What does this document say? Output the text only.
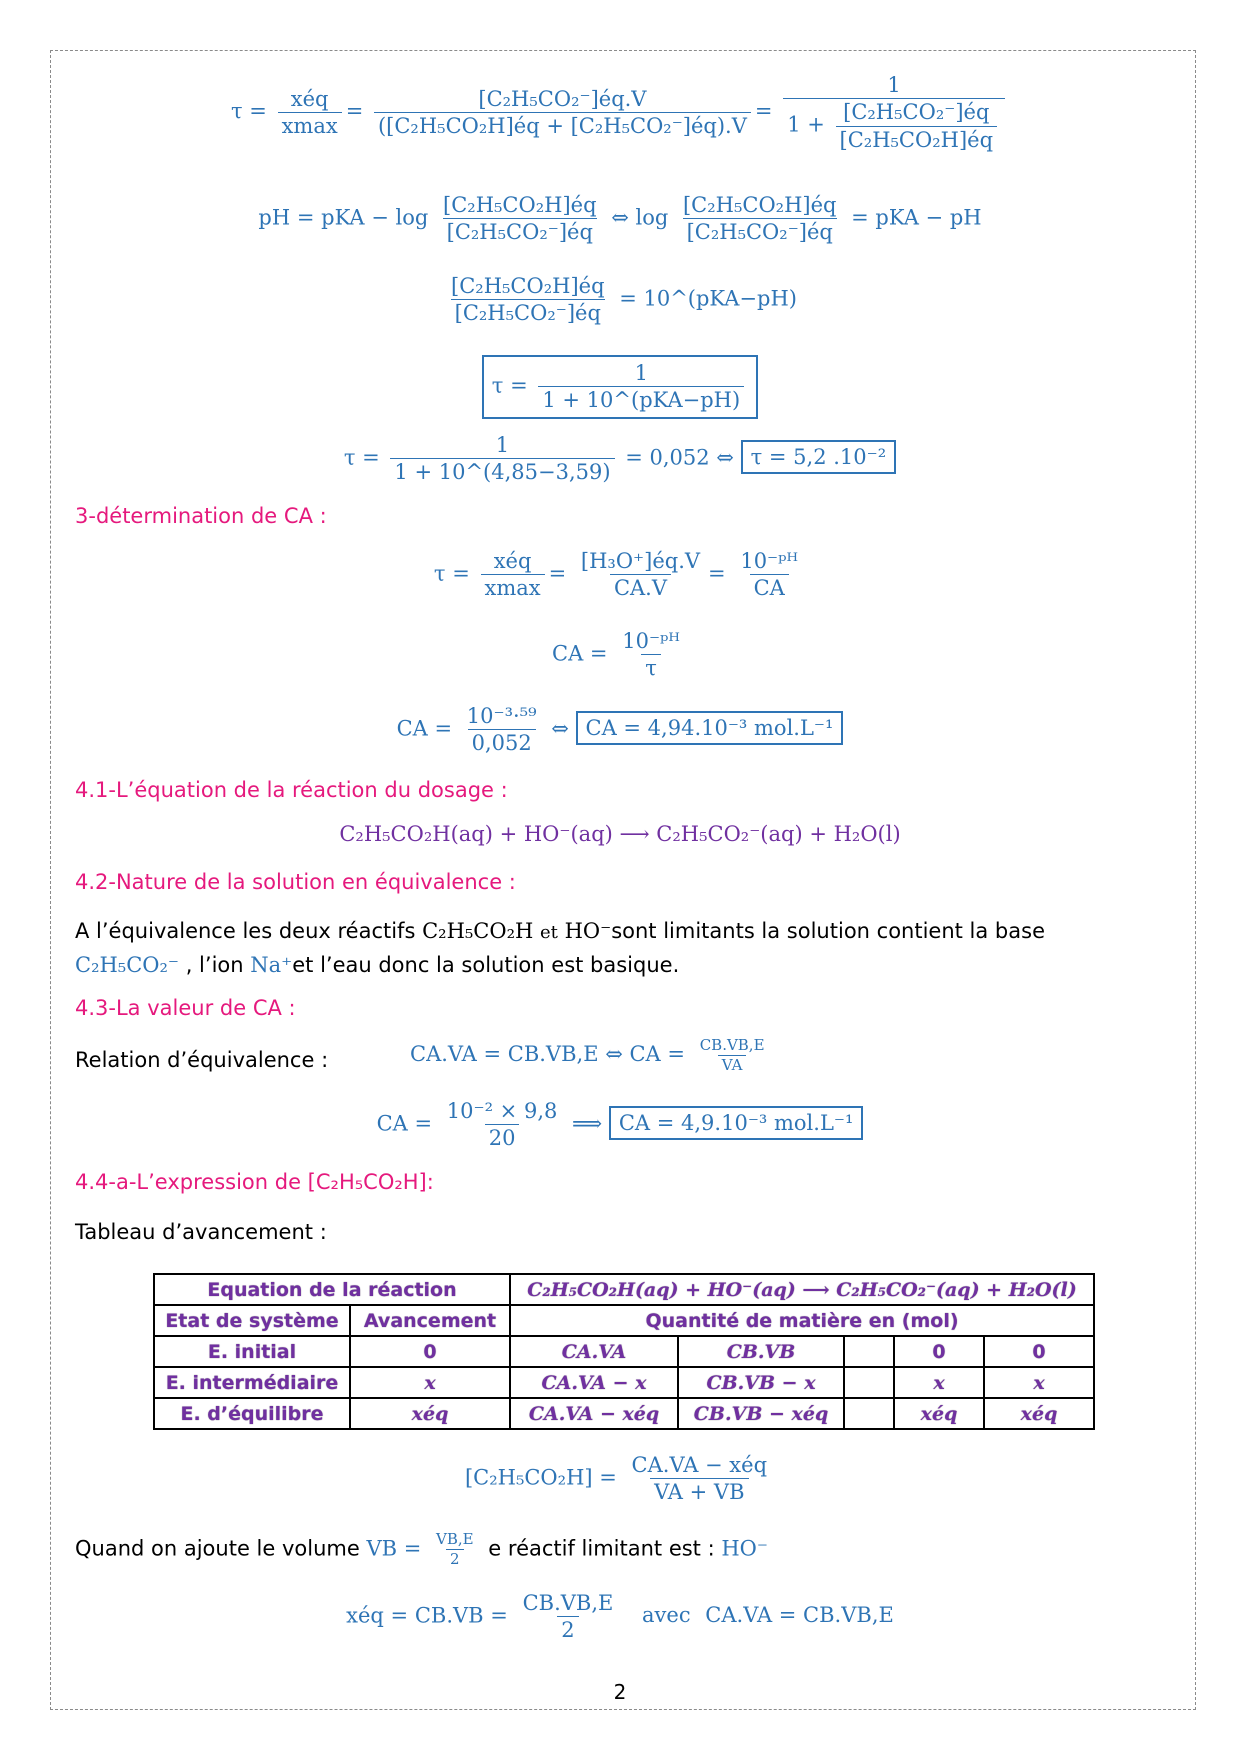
$\tau = \frac{\text{xéq}}{xmax} = \frac{\text{[C₂H₅CO₂⁻]éq.V}}{\text{([C₂H₅CO₂H]éq + [C₂H₅CO₂⁻]éq).V}} = \frac{1}{1 + \frac{\text{[C₂H₅CO₂⁻]éq}}{\text{[C₂H₅CO₂H]éq}}}$
pH = pKA − $\log \frac{\text{[C₂H₅CO₂H]éq}}{\text{[C₂H₅CO₂⁻]éq}}$ ⇔ $\log \frac{\text{[C₂H₅CO₂H]éq}}{\text{[C₂H₅CO₂⁻]éq}}$ = pKA − pH
$\frac{\text{[C₂H₅CO₂H]éq}}{\text{[C₂H₅CO₂⁻]éq}}$ = 10^(pKA−pH)
$\tau = \frac{1}{\text{1 + 10\textasciicircum{}(pKA−pH)}}$
$\tau = \frac{1}{1 + 10\^{}(4,85-3,59)} = 0,052$ ⇔ τ = 5,2 .10⁻²
3-détermination de CA :
$\tau = \frac{\text{xéq}}{xmax} = \frac{\text{[H₃O⁺]éq.V}}{CA.V} = \frac{\text{10⁻ᵖᴴ}}{CA}$
CA = $\frac{\text{10⁻ᵖᴴ}}{\tau}$
CA = $\frac{\text{10⁻³·⁵⁹}}{0,052}$ ⇔ CA = 4,94.10⁻³ mol.L⁻¹
4.1-L’équation de la réaction du dosage :
C₂H₅CO₂H(aq) + HO⁻(aq) ⟶ C₂H₅CO₂⁻(aq) + H₂O(l)
4.2-Nature de la solution en équivalence :
A l’équivalence les deux réactifs C₂H₅CO₂H et HO⁻sont limitants la solution contient la base
C₂H₅CO₂⁻ , l’ion Na⁺et l’eau donc la solution est basique.
4.3-La valeur de CA :
Relation d’équivalence :	CA.VA = CB.VB,E ⇔ CA = $\frac{CB.VB,E}{VA}$
CA = $\frac{\text{10⁻² × 9,8}}{20}$ ⟹ CA = 4,9.10⁻³ mol.L⁻¹
4.4-a-L’expression de [C₂H₅CO₂H]:
Tableau d’avancement :
Equation de la réaction		C₂H₅CO₂H(aq) + HO⁻(aq) ⟶ C₂H₅CO₂⁻(aq) + H₂O(l)				
Etat de système	Avancement	Quantité de matière en (mol)				
E. initial	0	CA.VA	CB.VB		0	0
E. intermédiaire	x	CA.VA − x	CB.VB − x		x	x
E. d’équilibre	xéq	CA.VA − xéq	CB.VB − xéq		xéq	xéq
$[C_2H_5CO_2H] = \frac{\text{CA.VA − xéq}}{VA + VB}$
Quand on ajoute le volume VB = $\frac{VB,E}{2}$ e réactif limitant est : HO⁻
xéq = $CB.VB = \frac{CB.VB,E}{2}$ avec CA.VA = CB.VB,E
2
